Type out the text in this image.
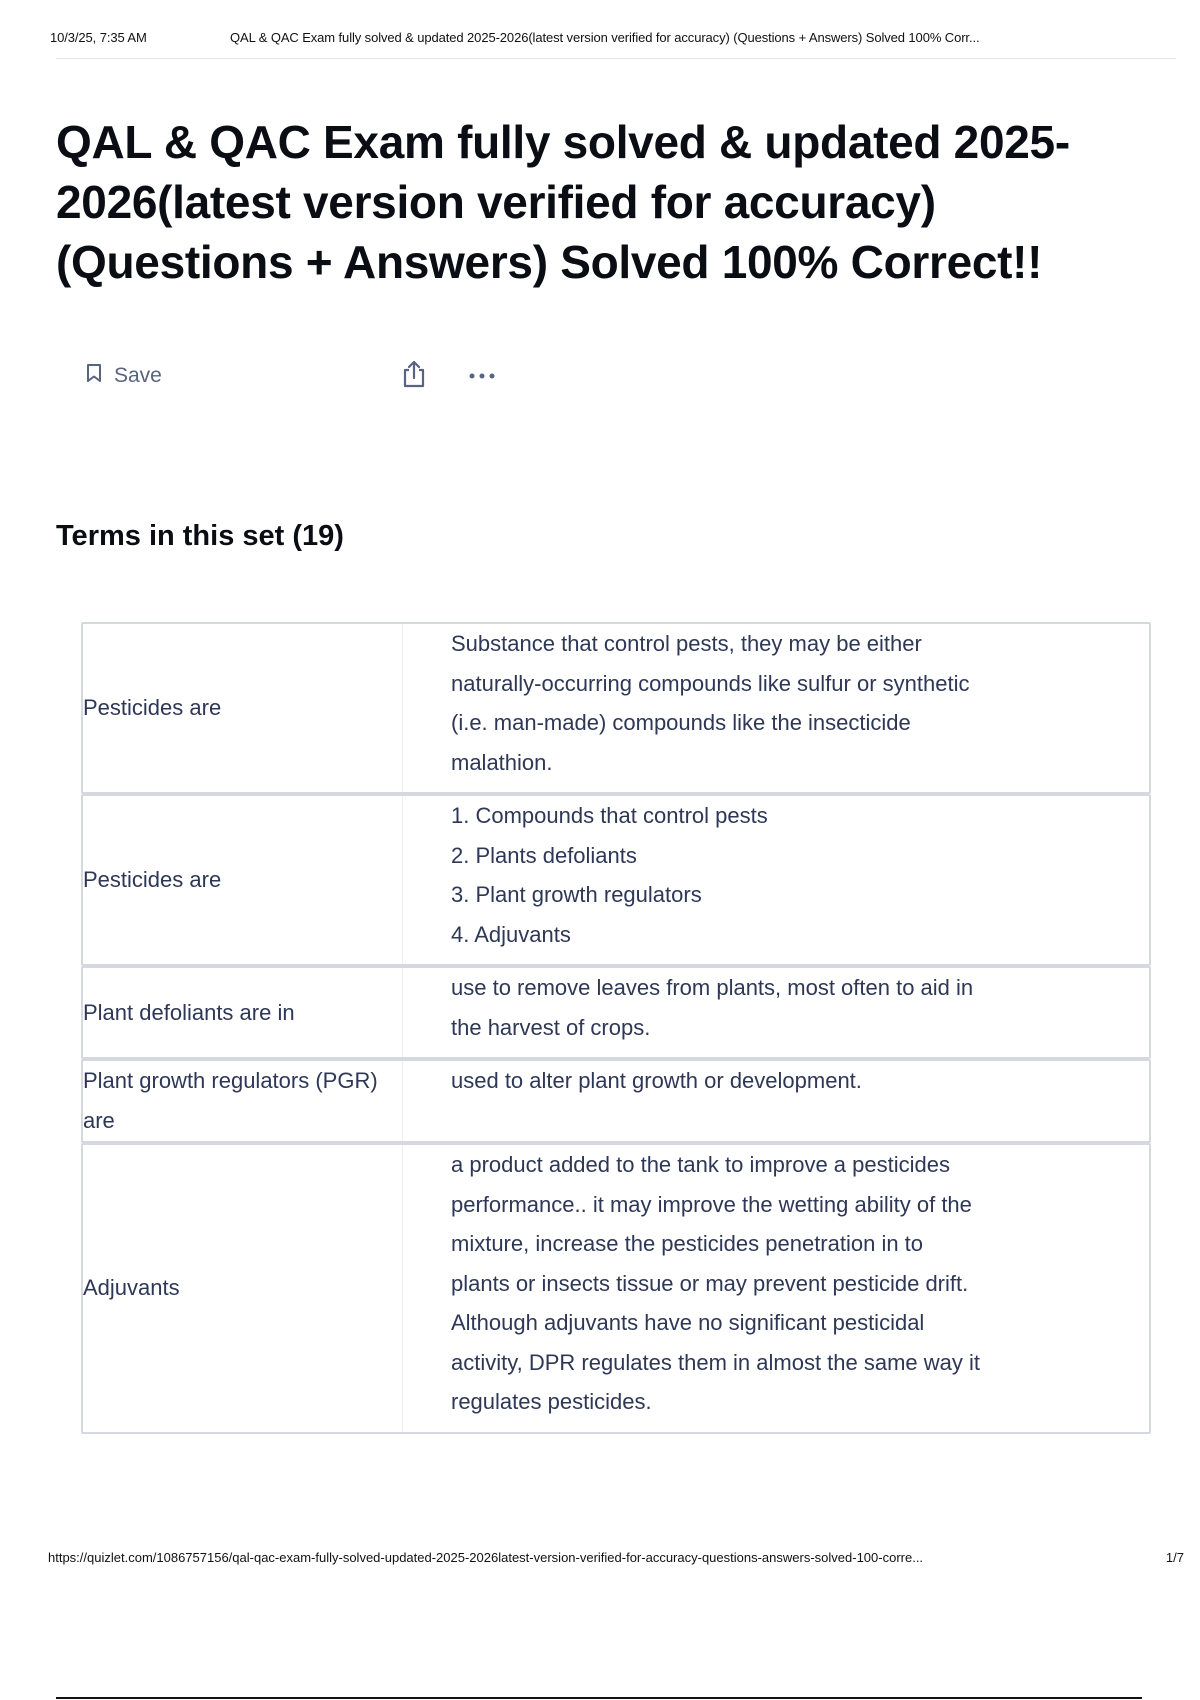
10/3/25, 7:35 AM	QAL & QAC Exam fully solved & updated 2025-2026(latest version verified for accuracy) (Questions + Answers) Solved 100% Corr...
QAL & QAC Exam fully solved & updated 2025-2026(latest version verified for accuracy) (Questions + Answers) Solved 100% Correct!!
Save
Terms in this set (19)
Pesticides are
Substance that control pests, they may be either
naturally-occurring compounds like sulfur or synthetic
(i.e. man-made) compounds like the insecticide
malathion.
Pesticides are
1. Compounds that control pests
2. Plants defoliants
3. Plant growth regulators
4. Adjuvants
Plant defoliants are in
use to remove leaves from plants, most often to aid in
the harvest of crops.
Plant growth regulators (PGR) are
used to alter plant growth or development.
Adjuvants
a product added to the tank to improve a pesticides
performance.. it may improve the wetting ability of the
mixture, increase the pesticides penetration in to
plants or insects tissue or may prevent pesticide drift.
Although adjuvants have no significant pesticidal
activity, DPR regulates them in almost the same way it
regulates pesticides.
https://quizlet.com/1086757156/qal-qac-exam-fully-solved-updated-2025-2026latest-version-verified-for-accuracy-questions-answers-solved-100-corre...	1/7
